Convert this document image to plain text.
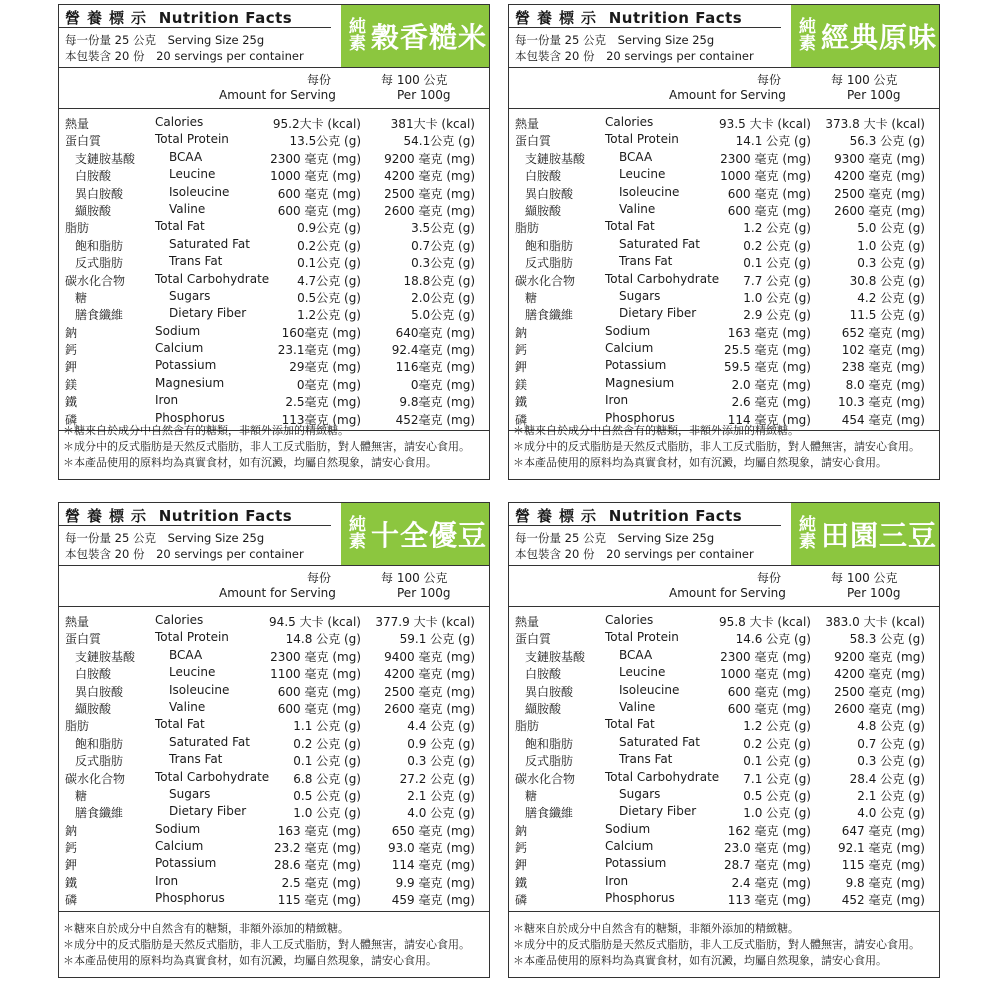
營養標示 Nutrition Facts
每一份量 25 公克 Serving Size 25g
本包裝含 20 份 20 servings per container
純素 穀香糙米
每份
Amount for Serving
每 100 公克
Per 100g
熱量	Calories	95.2大卡 (kcal) 381大卡 (kcal)
蛋白質	Total Protein	13.5公克 (g)	54.1公克 (g)
支鏈胺基酸	BCAA	2300 毫克 (mg) 9200 毫克 (mg)
白胺酸	Leucine	1000 毫克 (mg) 4200 毫克 (mg)
異白胺酸	Isoleucine	600 毫克 (mg) 2500 毫克 (mg)
纈胺酸	Valine	600 毫克 (mg) 2600 毫克 (mg)
脂肪	Total Fat	0.9公克 (g)	3.5公克 (g)
飽和脂肪	Saturated Fat	0.2公克 (g)	0.7公克 (g)
反式脂肪	Trans Fat	0.1公克 (g)	0.3公克 (g)
碳水化合物 Total Carbohydrate 4.7公克 (g)	18.8公克 (g)
糖	Sugars	0.5公克 (g)	2.0公克 (g)
膳食纖維	Dietary Fiber	1.2公克 (g)	5.0公克 (g)
鈉	Sodium	160毫克 (mg)	640毫克 (mg)
鈣	Calcium	23.1毫克 (mg)	92.4毫克 (mg)
鉀	Potassium	29毫克 (mg)	116毫克 (mg)
鎂	Magnesium	0毫克 (mg)	0毫克 (mg)
鐵	Iron	2.5毫克 (mg)	9.8毫克 (mg)
磷	Phosphorus	113毫克 (mg)	452毫克 (mg)
＊糖來自於成分中自然含有的糖類，非額外添加的精緻糖。
＊成分中的反式脂肪是天然反式脂肪，非人工反式脂肪，對人體無害，請安心食用。
＊本產品使用的原料均為真實食材，如有沉澱，均屬自然現象，請安心食用。
營養標示 Nutrition Facts
每一份量 25 公克 Serving Size 25g
本包裝含 20 份 20 servings per container
純素 經典原味
每份
Amount for Serving
每 100 公克
Per 100g
熱量	Calories	93.5 大卡 (kcal) 373.8 大卡 (kcal)
蛋白質	Total Protein	14.1 公克 (g)	56.3 公克 (g)
支鏈胺基酸	BCAA	2300 毫克 (mg) 9300 毫克 (mg)
白胺酸	Leucine	1000 毫克 (mg) 4200 毫克 (mg)
異白胺酸	Isoleucine	600 毫克 (mg) 2500 毫克 (mg)
纈胺酸	Valine	600 毫克 (mg) 2600 毫克 (mg)
脂肪	Total Fat	1.2 公克 (g)	5.0 公克 (g)
飽和脂肪	Saturated Fat	0.2 公克 (g)	1.0 公克 (g)
反式脂肪	Trans Fat	0.1 公克 (g)	0.3 公克 (g)
碳水化合物 Total Carbohydrate 7.7 公克 (g)	30.8 公克 (g)
糖	Sugars	1.0 公克 (g)	4.2 公克 (g)
膳食纖維	Dietary Fiber	2.9 公克 (g)	11.5 公克 (g)
鈉	Sodium	163 毫克 (mg)	652 毫克 (mg)
鈣	Calcium	25.5 毫克 (mg)	102 毫克 (mg)
鉀	Potassium	59.5 毫克 (mg)	238 毫克 (mg)
鎂	Magnesium	2.0 毫克 (mg)	8.0 毫克 (mg)
鐵	Iron	2.6 毫克 (mg) 10.3 毫克 (mg)
磷	Phosphorus	114 毫克 (mg)	454 毫克 (mg)
＊糖來自於成分中自然含有的糖類，非額外添加的精緻糖。
＊成分中的反式脂肪是天然反式脂肪，非人工反式脂肪，對人體無害，請安心食用。
＊本產品使用的原料均為真實食材，如有沉澱，均屬自然現象，請安心食用。
營養標示 Nutrition Facts
每一份量 25 公克 Serving Size 25g
本包裝含 20 份 20 servings per container
純素 十全優豆
每份
Amount for Serving
每 100 公克
Per 100g
熱量	Calories	94.5 大卡 (kcal) 377.9 大卡 (kcal)
蛋白質	Total Protein	14.8 公克 (g)	59.1 公克 (g)
支鏈胺基酸	BCAA	2300 毫克 (mg) 9400 毫克 (mg)
白胺酸	Leucine	1100 毫克 (mg) 4200 毫克 (mg)
異白胺酸	Isoleucine	600 毫克 (mg) 2500 毫克 (mg)
纈胺酸	Valine	600 毫克 (mg) 2600 毫克 (mg)
脂肪	Total Fat	1.1 公克 (g)	4.4 公克 (g)
飽和脂肪	Saturated Fat	0.2 公克 (g)	0.9 公克 (g)
反式脂肪	Trans Fat	0.1 公克 (g)	0.3 公克 (g)
碳水化合物 Total Carbohydrate 6.8 公克 (g)	27.2 公克 (g)
糖	Sugars	0.5 公克 (g)	2.1 公克 (g)
膳食纖維	Dietary Fiber	1.0 公克 (g)	4.0 公克 (g)
鈉	Sodium	163 毫克 (mg)	650 毫克 (mg)
鈣	Calcium	23.2 毫克 (mg) 93.0 毫克 (mg)
鉀	Potassium	28.6 毫克 (mg)	114 毫克 (mg)
鐵	Iron	2.5 毫克 (mg)	9.9 毫克 (mg)
磷	Phosphorus	115 毫克 (mg)	459 毫克 (mg)
＊糖來自於成分中自然含有的糖類，非額外添加的精緻糖。
＊成分中的反式脂肪是天然反式脂肪，非人工反式脂肪，對人體無害，請安心食用。
＊本產品使用的原料均為真實食材，如有沉澱，均屬自然現象，請安心食用。
營養標示 Nutrition Facts
每一份量 25 公克 Serving Size 25g
本包裝含 20 份 20 servings per container
純素 田園三豆
每份
Amount for Serving
每 100 公克
Per 100g
熱量	Calories	95.8 大卡 (kcal) 383.0 大卡 (kcal)
蛋白質	Total Protein	14.6 公克 (g)	58.3 公克 (g)
支鏈胺基酸	BCAA	2300 毫克 (mg) 9200 毫克 (mg)
白胺酸	Leucine	1000 毫克 (mg) 4200 毫克 (mg)
異白胺酸	Isoleucine	600 毫克 (mg) 2500 毫克 (mg)
纈胺酸	Valine	600 毫克 (mg) 2600 毫克 (mg)
脂肪	Total Fat	1.2 公克 (g)	4.8 公克 (g)
飽和脂肪	Saturated Fat	0.2 公克 (g)	0.7 公克 (g)
反式脂肪	Trans Fat	0.1 公克 (g)	0.3 公克 (g)
碳水化合物 Total Carbohydrate 7.1 公克 (g)	28.4 公克 (g)
糖	Sugars	0.5 公克 (g)	2.1 公克 (g)
膳食纖維	Dietary Fiber	1.0 公克 (g)	4.0 公克 (g)
鈉	Sodium	162 毫克 (mg)	647 毫克 (mg)
鈣	Calcium	23.0 毫克 (mg) 92.1 毫克 (mg)
鉀	Potassium	28.7 毫克 (mg)	115 毫克 (mg)
鐵	Iron	2.4 毫克 (mg)	9.8 毫克 (mg)
磷	Phosphorus	113 毫克 (mg)	452 毫克 (mg)
＊糖來自於成分中自然含有的糖類，非額外添加的精緻糖。
＊成分中的反式脂肪是天然反式脂肪，非人工反式脂肪，對人體無害，請安心食用。
＊本產品使用的原料均為真實食材，如有沉澱，均屬自然現象，請安心食用。
